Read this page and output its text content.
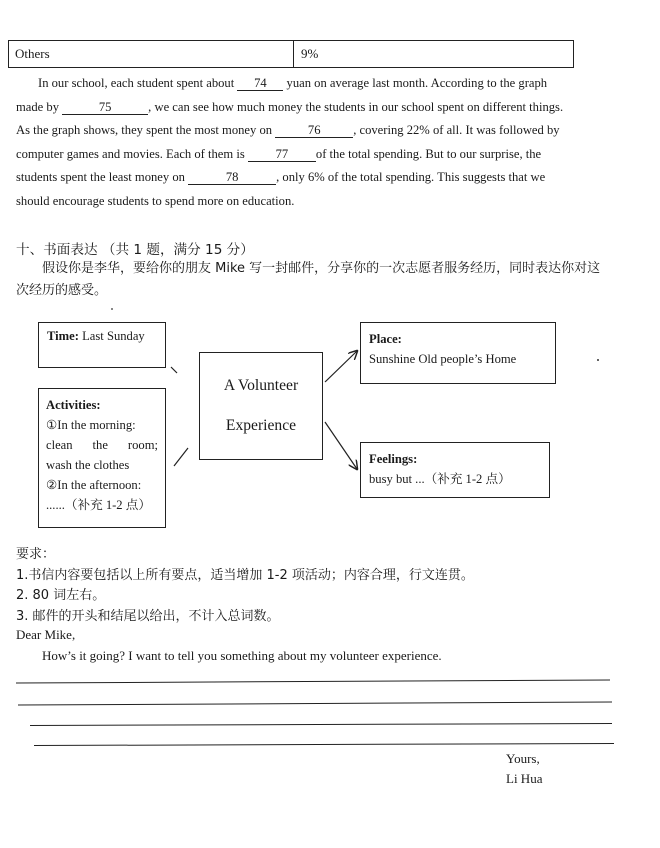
Others	9%
In our school, each student spent about 74 yuan on average last month. According to the graph
made by	75	, we can see how much money the students in our school spent on different things.
As the graph shows, they spent the most money on	76	, covering 22% of all. It was followed by
computer games and movies. Each of them is 77 of the total spending. But to our surprise, the
students spent the least money on	78	, only 6% of the total spending. This suggests that we
should encourage students to spend more on education.
十、书面表达 （共 1 题，满分 15 分）
假设你是李华，要给你的朋友 Mike 写一封邮件，分享你的一次志愿者服务经历，同时表达你对这
次经历的感受。
Time: Last Sunday
Activities:
①In the morning:
clean the room;
wash the clothes
②In the afternoon:
......（补充 1-2 点）
A Volunteer
Experience
Place:
Sunshine Old people’s Home
Feelings:
busy but ...（补充 1-2 点）
要求：
1.书信内容要包括以上所有要点，适当增加 1-2 项活动；内容合理，行文连贯。
2. 80 词左右。
3. 邮件的开头和结尾以给出，不计入总词数。
Dear Mike,
How’s it going? I want to tell you something about my volunteer experience.
Yours,
Li Hua
